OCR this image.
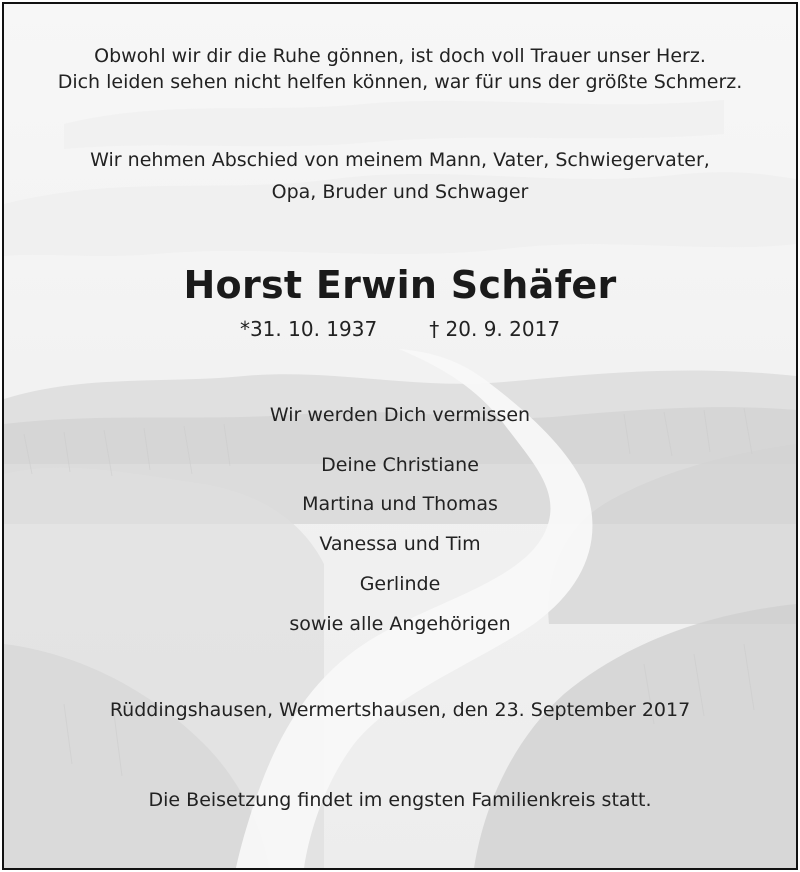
Obwohl wir dir die Ruhe gönnen, ist doch voll Trauer unser Herz.
Dich leiden sehen nicht helfen können, war für uns der größte Schmerz.
Wir nehmen Abschied von meinem Mann, Vater, Schwiegervater,
Opa, Bruder und Schwager
Horst Erwin Schäfer
*31. 10. 1937	† 20. 9. 2017
Wir werden Dich vermissen
Deine Christiane
Martina und Thomas
Vanessa und Tim
Gerlinde
sowie alle Angehörigen
Rüddingshausen, Wermertshausen, den 23. September 2017
Die Beisetzung findet im engsten Familienkreis statt.
